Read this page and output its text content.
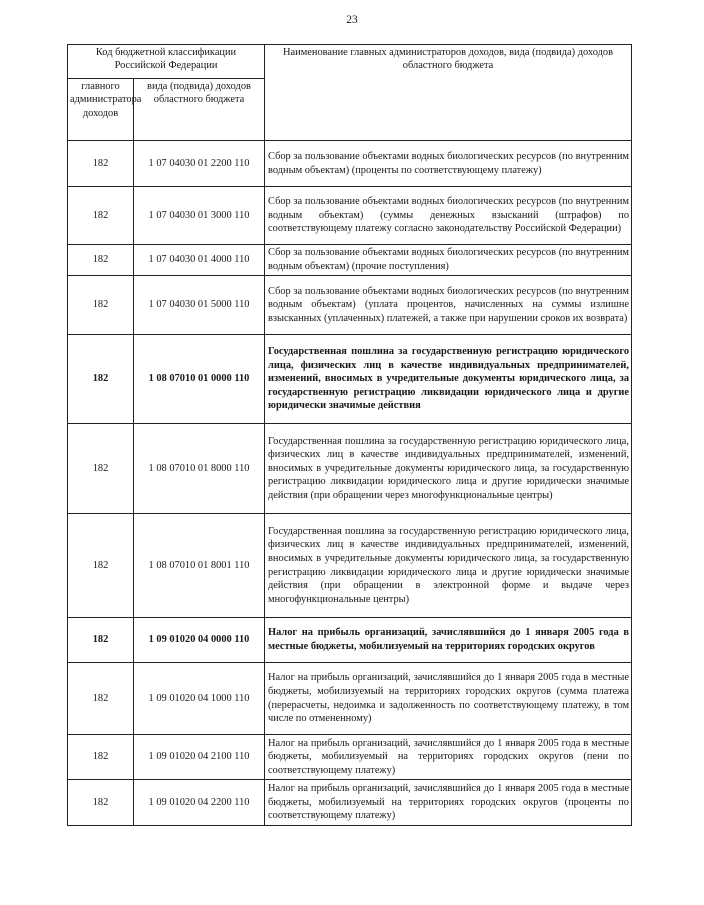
23
Код бюджетной классификации Российской Федерации		Наименование главных администраторов доходов, вида (подвида) доходов областного бюджета
главного администратора доходов	вида (подвида) доходов областного бюджета	
182	1 07 04030 01 2200 110	Сбор за пользование объектами водных биологических ресурсов (по внутренним водным объектам) (проценты по соответствующему платежу)
182	1 07 04030 01 3000 110	Сбор за пользование объектами водных биологических ресурсов (по внутренним водным объектам) (суммы денежных взысканий (штрафов) по соответствующему платежу согласно законодательству Российской Федерации)
182	1 07 04030 01 4000 110	Сбор за пользование объектами водных биологических ресурсов (по внутренним водным объектам) (прочие поступления)
182	1 07 04030 01 5000 110	Сбор за пользование объектами водных биологических ресурсов (по внутренним водным объектам) (уплата процентов, начисленных на суммы излишне взысканных (уплаченных) платежей, а также при нарушении сроков их возврата)
182	1 08 07010 01 0000 110	Государственная пошлина за государственную регистрацию юридического лица, физических лиц в качестве индивидуальных предпринимателей, изменений, вносимых в учредительные документы юридического лица, за государственную регистрацию ликвидации юридического лица и другие юридически значимые действия
182	1 08 07010 01 8000 110	Государственная пошлина за государственную регистрацию юридического лица, физических лиц в качестве индивидуальных предпринимателей, изменений, вносимых в учредительные документы юридического лица, за государственную регистрацию ликвидации юридического лица и другие юридически значимые действия (при обращении через многофункциональные центры)
182	1 08 07010 01 8001 110	Государственная пошлина за государственную регистрацию юридического лица, физических лиц в качестве индивидуальных предпринимателей, изменений, вносимых в учредительные документы юридического лица, за государственную регистрацию ликвидации юридического лица и другие юридически значимые действия (при обращении в электронной форме и выдаче через многофункциональные центры)
182	1 09 01020 04 0000 110	Налог на прибыль организаций, зачислявшийся до 1 января 2005 года в местные бюджеты, мобилизуемый на территориях городских округов
182	1 09 01020 04 1000 110	Налог на прибыль организаций, зачислявшийся до 1 января 2005 года в местные бюджеты, мобилизуемый на территориях городских округов (сумма платежа (перерасчеты, недоимка и задолженность по соответствующему платежу, в том числе по отмененному)
182	1 09 01020 04 2100 110	Налог на прибыль организаций, зачислявшийся до 1 января 2005 года в местные бюджеты, мобилизуемый на территориях городских округов (пени по соответствующему платежу)
182	1 09 01020 04 2200 110	Налог на прибыль организаций, зачислявшийся до 1 января 2005 года в местные бюджеты, мобилизуемый на территориях городских округов (проценты по соответствующему платежу)
